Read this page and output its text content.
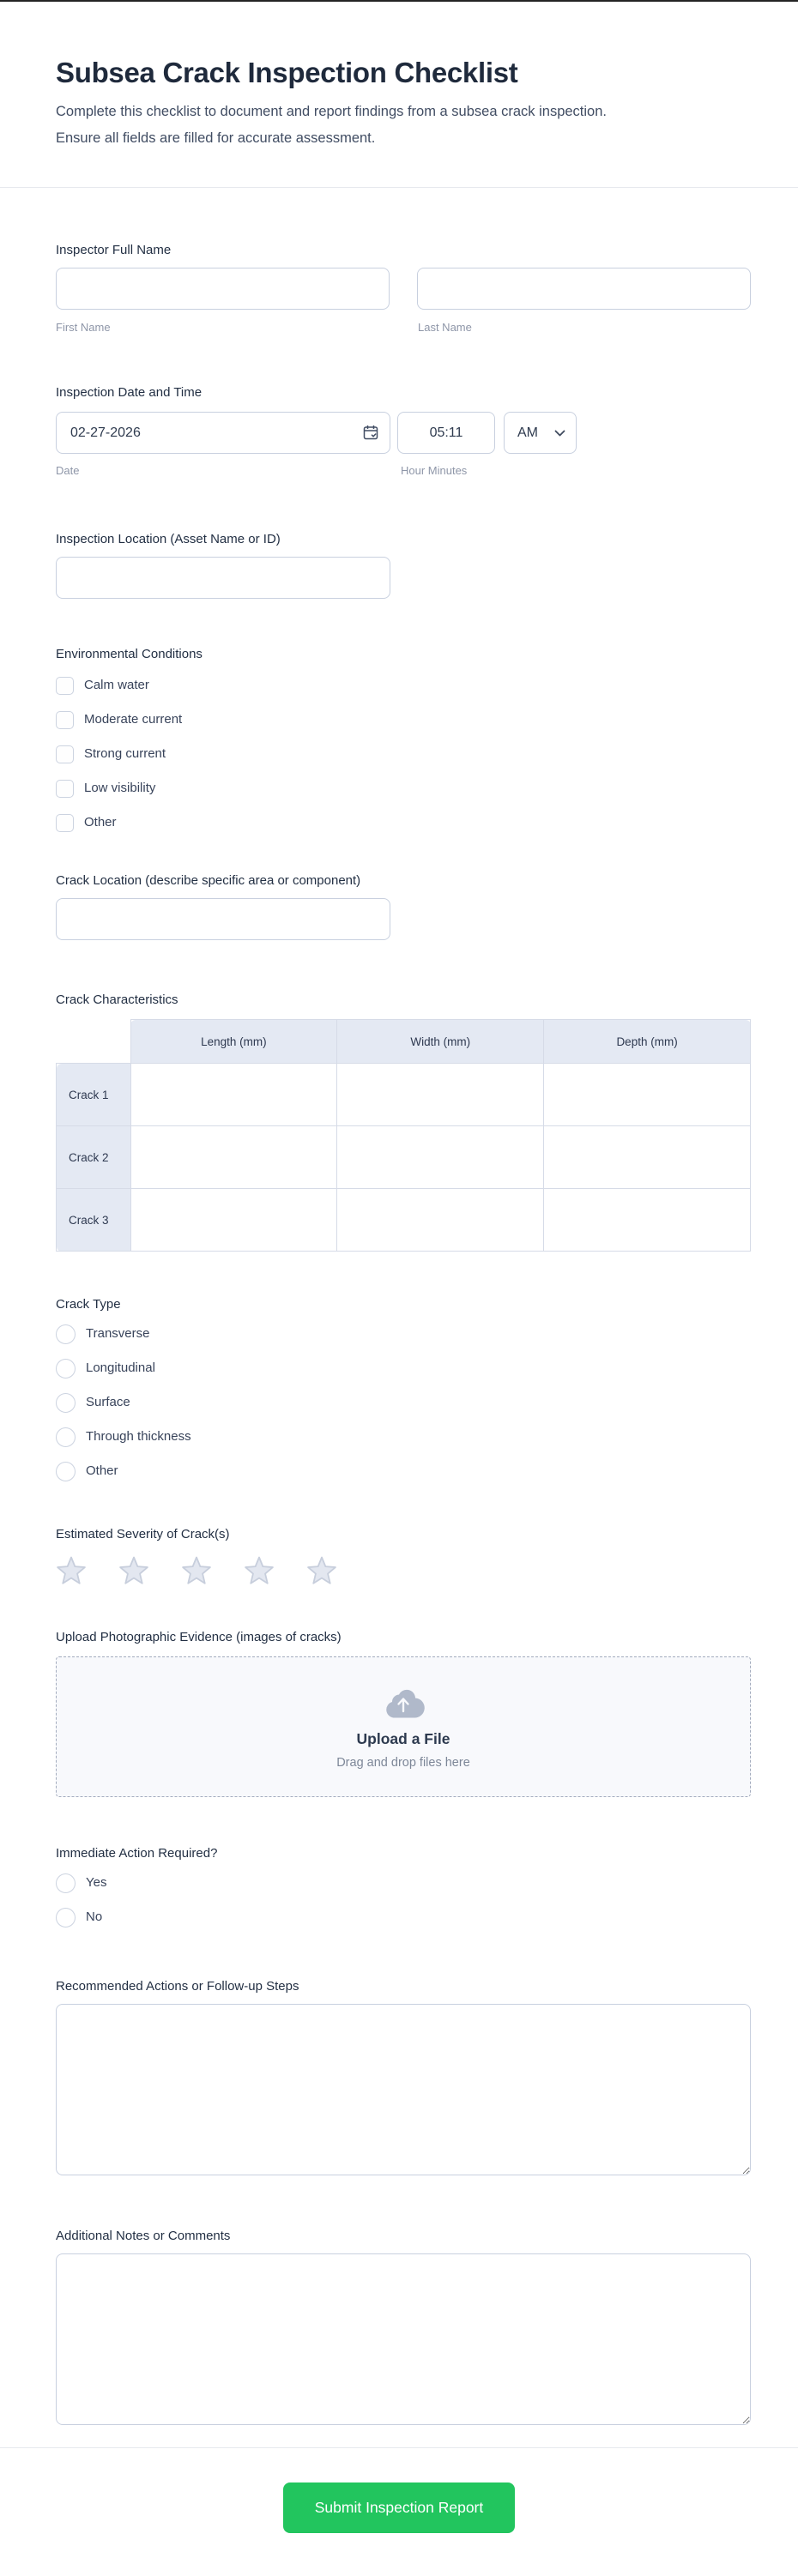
Subsea Crack Inspection Checklist

Complete this checklist to document and report findings from a subsea crack inspection. Ensure all fields are filled for accurate assessment.

Inspector Full Name
First Name	Last Name
Inspection Date and Time
02-27-2026
05:11
AM
Date	Hour Minutes
Inspection Location (Asset Name or ID)
Environmental Conditions
Calm water
Moderate current
Strong current
Low visibility
Other
Crack Location (describe specific area or component)
Crack Characteristics
	Length (mm)	Width (mm)	Depth (mm)
Crack 1			
Crack 2			
Crack 3			
Crack Type
Transverse
Longitudinal
Surface
Through thickness
Other
Estimated Severity of Crack(s)
Upload Photographic Evidence (images of cracks)
Upload a File
Drag and drop files here
Immediate Action Required?
Yes
No
Recommended Actions or Follow-up Steps
Additional Notes or Comments
Submit Inspection Report
